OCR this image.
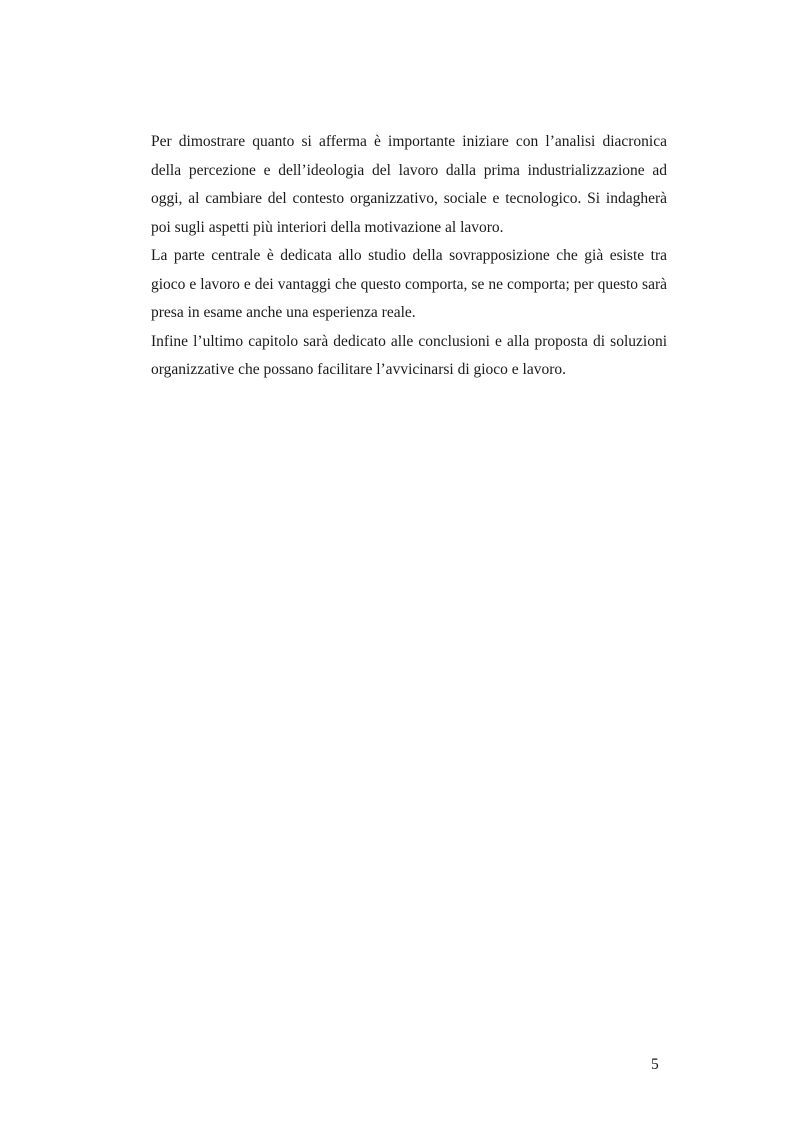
Per dimostrare quanto si afferma è importante iniziare con l’analisi diacronica della percezione e dell’ideologia del lavoro dalla prima industrializzazione ad oggi, al cambiare del contesto organizzativo, sociale e tecnologico. Si indagherà poi sugli aspetti più interiori della motivazione al lavoro.

La parte centrale è dedicata allo studio della sovrapposizione che già esiste tra gioco e lavoro e dei vantaggi che questo comporta, se ne comporta; per questo sarà presa in esame anche una esperienza reale.

Infine l’ultimo capitolo sarà dedicato alle conclusioni e alla proposta di soluzioni organizzative che possano facilitare l’avvicinarsi di gioco e lavoro.

5
